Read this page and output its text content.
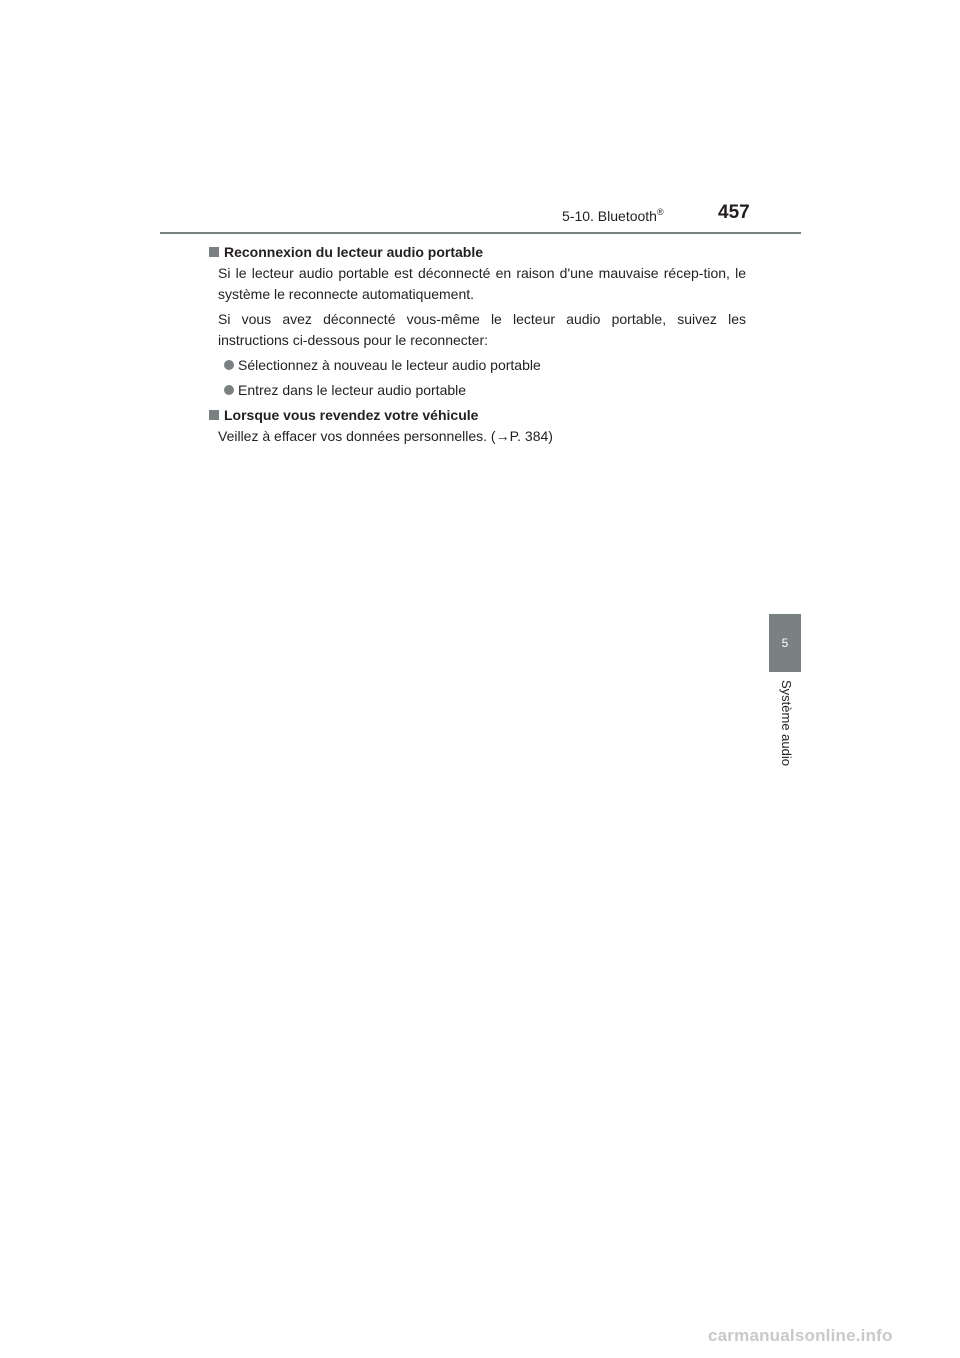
5-10. Bluetooth®	457
Reconnexion du lecteur audio portable

Si le lecteur audio portable est déconnecté en raison d'une mauvaise récep-tion, le système le reconnecte automatiquement.

Si vous avez déconnecté vous-même le lecteur audio portable, suivez les instructions ci-dessous pour le reconnecter:

Sélectionnez à nouveau le lecteur audio portable
Entrez dans le lecteur audio portable
Lorsque vous revendez votre véhicule

Veillez à effacer vos données personnelles. (→P. 384)

5
Système audio
carmanualsonline.info
